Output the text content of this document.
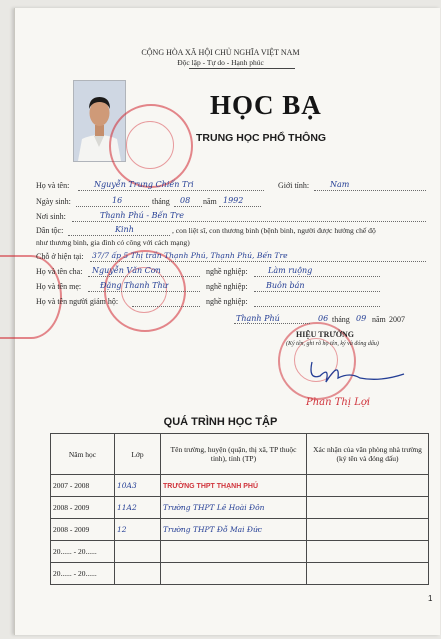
CỘNG HÒA XÃ HỘI CHỦ NGHĨA VIỆT NAM
Độc lập - Tự do - Hạnh phúc
HỌC BẠ
TRUNG HỌC PHỔ THÔNG
Họ và tên:	Nguyễn Trung Chiến Tri	Giới tính:	Nam
Ngày sinh:	16	tháng 08 năm 1992
Nơi sinh:	Thạnh Phú - Bến Tre
Dân tộc:	Kinh	, con liệt sĩ, con thương binh (bệnh binh, người được hưởng chế độ
như thương binh, gia đình có công với cách mạng)
Chỗ ở hiện tại: 37/7 ấp 5 Thị trấn Thạnh Phú, Thạnh Phú, Bến Tre
Họ và tên cha: Nguyễn Văn Cơn	nghề nghiệp:	Làm ruộng
Họ và tên mẹ: Đặng Thanh Thư	nghề nghiệp: Buôn bán
Họ và tên người giám hộ:	nghề nghiệp:
Thạnh Phú	06 tháng 09 năm 2007
HIỆU TRƯỞNG
(Ký tên, ghi rõ họ tên, ký và đóng dấu)
Phan Thị Lợi
QUÁ TRÌNH HỌC TẬP
Năm học	Lớp	Tên trường, huyện (quận, thị xã, TP thuộc tỉnh), tỉnh (TP)	Xác nhận của văn phòng nhà trường (ký tên và đóng dấu)
2007 - 2008	10A3	TRƯỜNG THPT THẠNH PHÚ	
2008 - 2009	11A2	Trường THPT Lê Hoài Đôn	
2008 - 2009	12	Trường THPT Đỗ Mai Đức	
20...... - 20......			
20...... - 20......			
1
